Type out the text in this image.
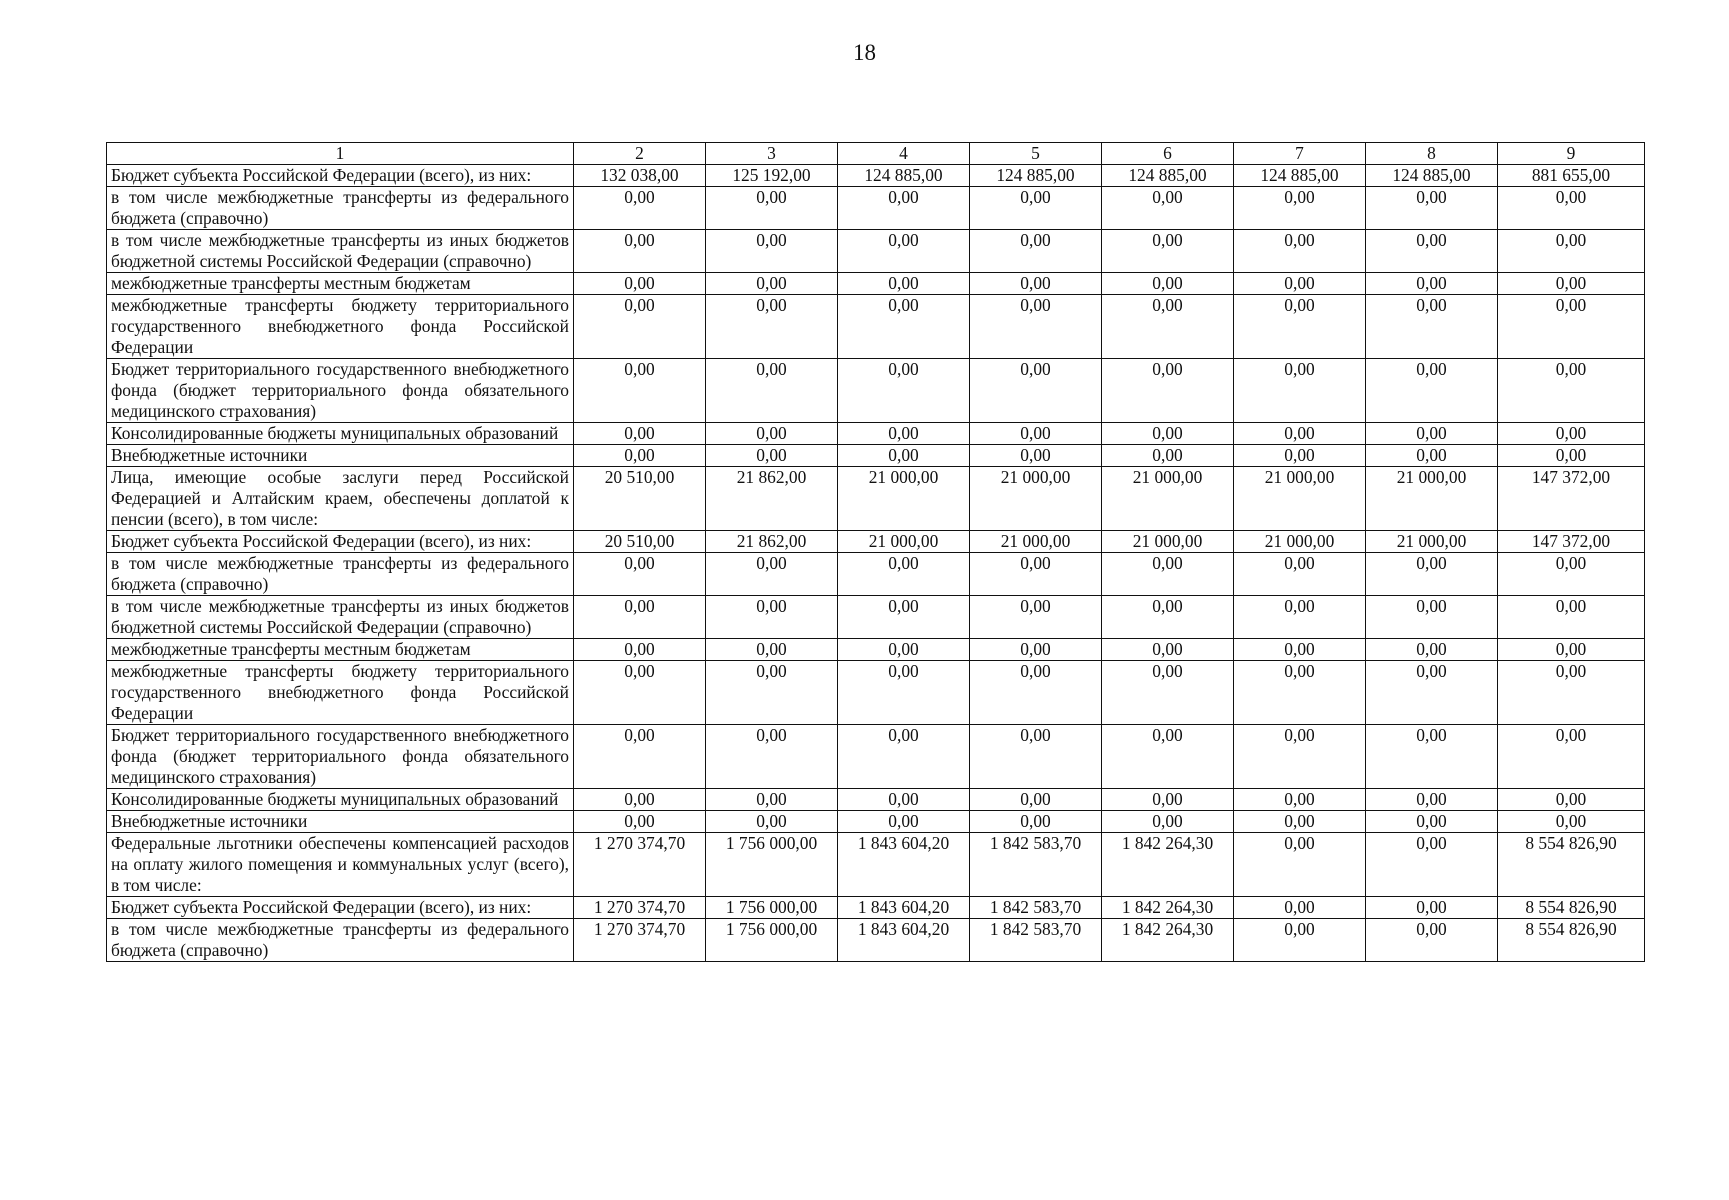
18
1	2	3	4	5	6	7	8	9
Бюджет субъекта Российской Федерации (всего), из них:	132 038,00	125 192,00	124 885,00	124 885,00	124 885,00	124 885,00	124 885,00	881 655,00
в том числе межбюджетные трансферты из федерального бюджета (справочно)	0,00	0,00	0,00	0,00	0,00	0,00	0,00	0,00
в том числе межбюджетные трансферты из иных бюджетов бюджетной системы Российской Федерации (справочно)	0,00	0,00	0,00	0,00	0,00	0,00	0,00	0,00
межбюджетные трансферты местным бюджетам	0,00	0,00	0,00	0,00	0,00	0,00	0,00	0,00
межбюджетные трансферты бюджету территориального государственного внебюджетного фонда Российской Федерации	0,00	0,00	0,00	0,00	0,00	0,00	0,00	0,00
Бюджет территориального государственного внебюджетного фонда (бюджет территориального фонда обязательного медицинского страхования)	0,00	0,00	0,00	0,00	0,00	0,00	0,00	0,00
Консолидированные бюджеты муниципальных образований	0,00	0,00	0,00	0,00	0,00	0,00	0,00	0,00
Внебюджетные источники	0,00	0,00	0,00	0,00	0,00	0,00	0,00	0,00
Лица, имеющие особые заслуги перед Российской Федерацией и Алтайским краем, обеспечены доплатой к пенсии (всего), в том числе:	20 510,00	21 862,00	21 000,00	21 000,00	21 000,00	21 000,00	21 000,00	147 372,00
Бюджет субъекта Российской Федерации (всего), из них:	20 510,00	21 862,00	21 000,00	21 000,00	21 000,00	21 000,00	21 000,00	147 372,00
в том числе межбюджетные трансферты из федерального бюджета (справочно)	0,00	0,00	0,00	0,00	0,00	0,00	0,00	0,00
в том числе межбюджетные трансферты из иных бюджетов бюджетной системы Российской Федерации (справочно)	0,00	0,00	0,00	0,00	0,00	0,00	0,00	0,00
межбюджетные трансферты местным бюджетам	0,00	0,00	0,00	0,00	0,00	0,00	0,00	0,00
межбюджетные трансферты бюджету территориального государственного внебюджетного фонда Российской Федерации	0,00	0,00	0,00	0,00	0,00	0,00	0,00	0,00
Бюджет территориального государственного внебюджетного фонда (бюджет территориального фонда обязательного медицинского страхования)	0,00	0,00	0,00	0,00	0,00	0,00	0,00	0,00
Консолидированные бюджеты муниципальных образований	0,00	0,00	0,00	0,00	0,00	0,00	0,00	0,00
Внебюджетные источники	0,00	0,00	0,00	0,00	0,00	0,00	0,00	0,00
Федеральные льготники обеспечены компенсацией расходов на оплату жилого помещения и коммунальных услуг (всего), в том числе:	1 270 374,70	1 756 000,00	1 843 604,20	1 842 583,70	1 842 264,30	0,00	0,00	8 554 826,90
Бюджет субъекта Российской Федерации (всего), из них:	1 270 374,70	1 756 000,00	1 843 604,20	1 842 583,70	1 842 264,30	0,00	0,00	8 554 826,90
в том числе межбюджетные трансферты из федерального бюджета (справочно)	1 270 374,70	1 756 000,00	1 843 604,20	1 842 583,70	1 842 264,30	0,00	0,00	8 554 826,90
